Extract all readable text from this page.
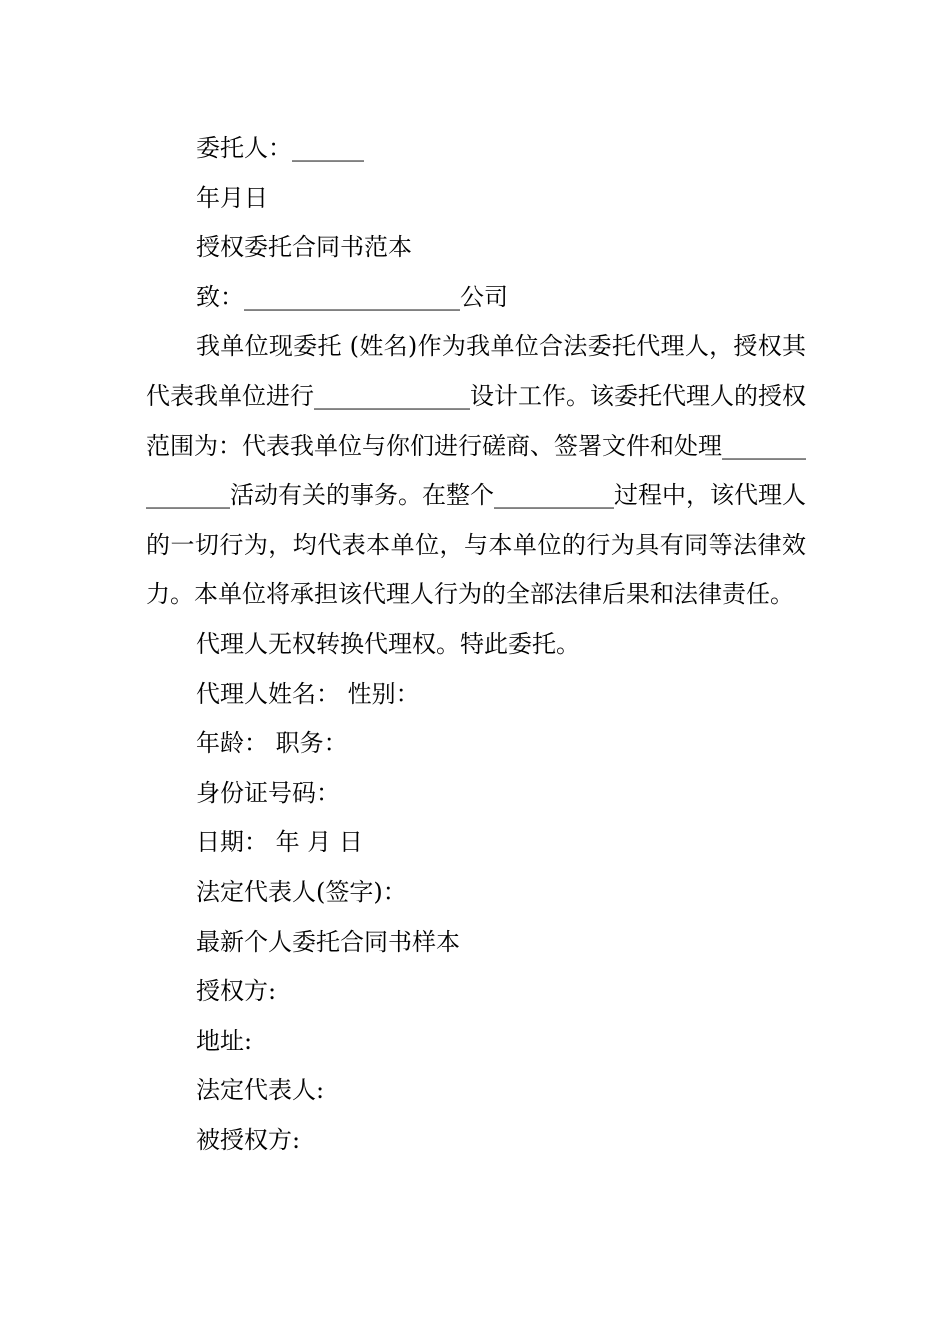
委托人：______
年月日
授权委托合同书范本
致：__________________公司
我单位现委托 (姓名)作为我单位合法委托代理人，授权其代表我单位进行_____________设计工作。该委托代理人的授权范围为：代表我单位与你们进行磋商、签署文件和处理______________活动有关的事务。在整个__________过程中，该代理人的一切行为，均代表本单位，与本单位的行为具有同等法律效力。本单位将承担该代理人行为的全部法律后果和法律责任。
代理人无权转换代理权。特此委托。
代理人姓名： 性别：
年龄： 职务：
身份证号码：
日期： 年 月 日
法定代表人(签字)：
最新个人委托合同书样本
授权方:
地址:
法定代表人:
被授权方:
